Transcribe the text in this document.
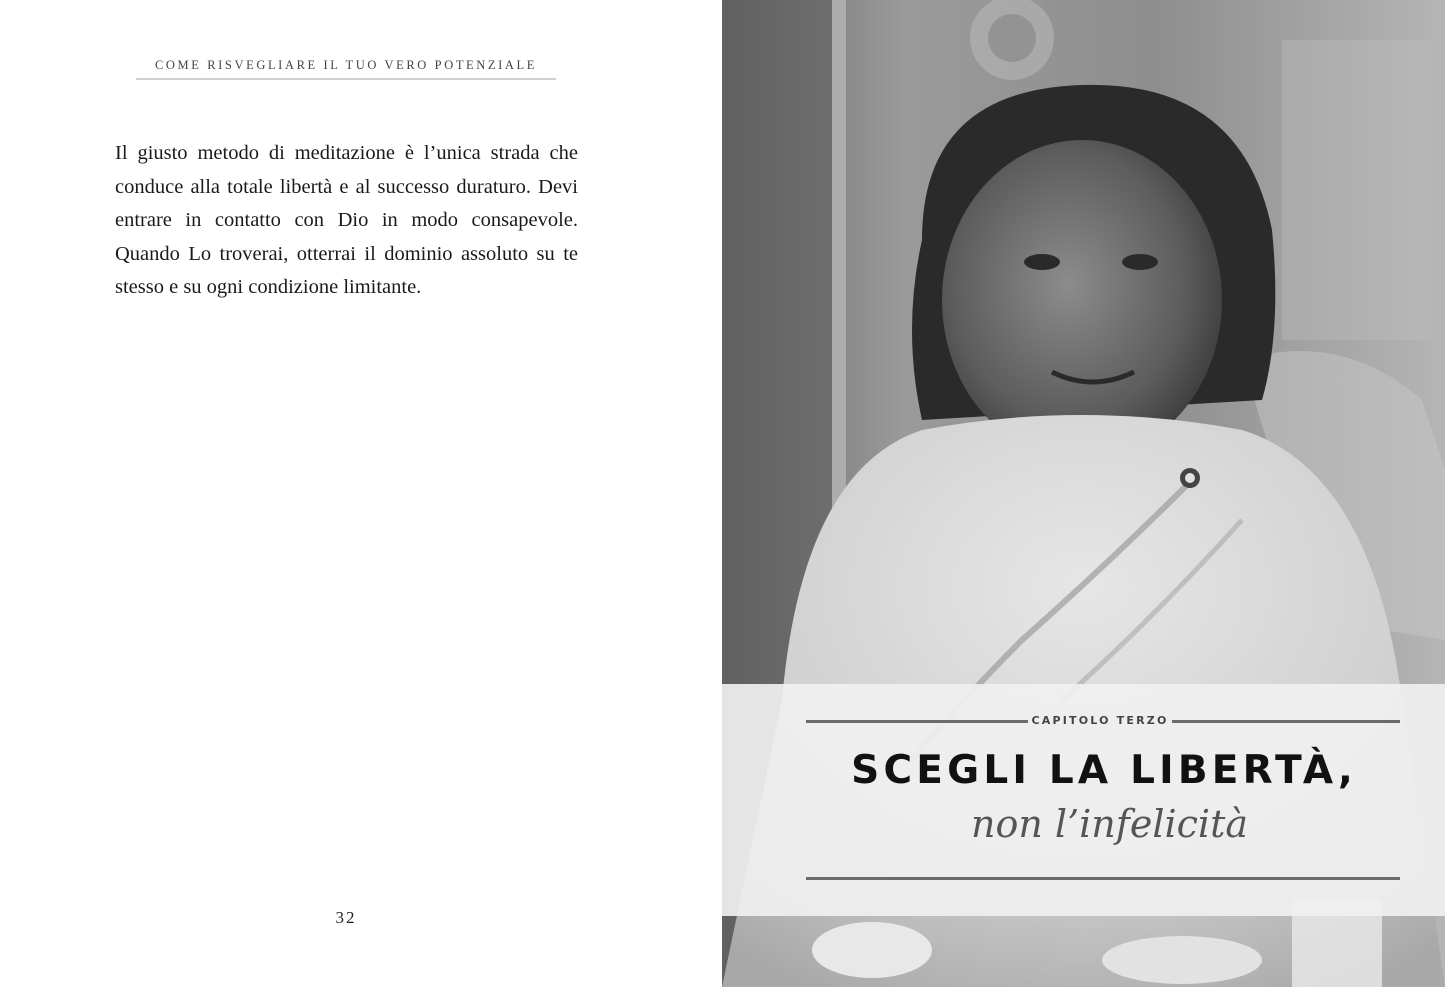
COME RISVEGLIARE IL TUO VERO POTENZIALE

Il giusto metodo di meditazione è l’unica strada che conduce alla totale libertà e al successo duraturo. Devi entrare in contatto con Dio in modo consapevole. Quando Lo troverai, otterrai il dominio assoluto su te stesso e su ogni condizione limitante.

32
CAPITOLO TERZO
SCEGLI LA LIBERTÀ,
non l’infelicità
